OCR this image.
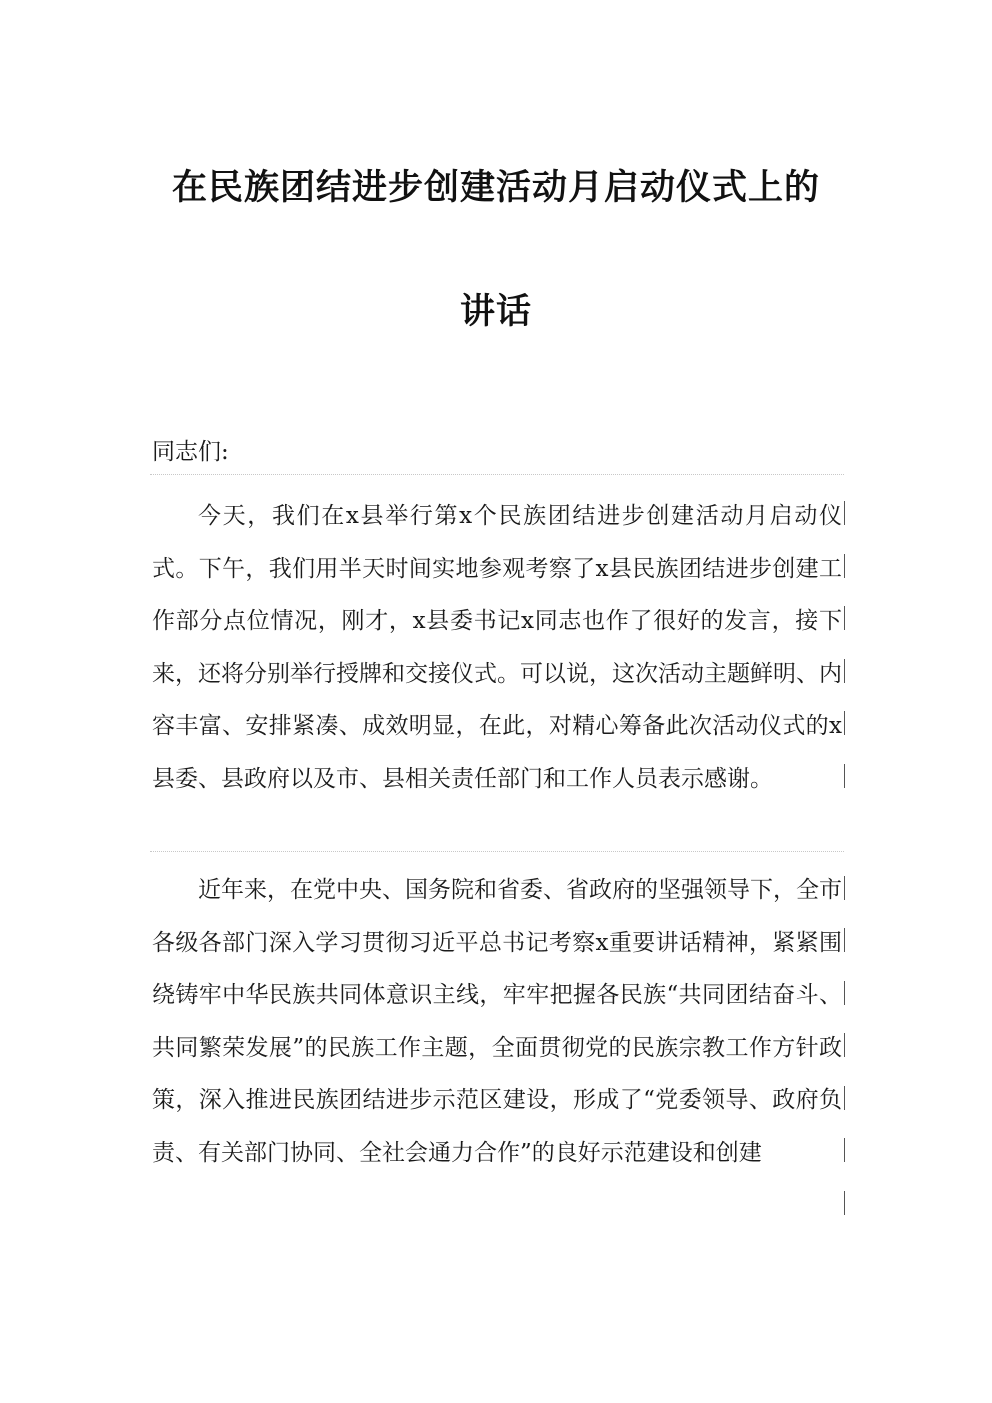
在民族团结进步创建活动月启动仪式上的
讲话
同志们:
今天，我们在x县举行第x个民族团结进步创建活动月启动仪式。下午，我们用半天时间实地参观考察了x县民族团结进步创建工作部分点位情况，刚才，x县委书记x同志也作了很好的发言，接下来，还将分别举行授牌和交接仪式。可以说，这次活动主题鲜明、内容丰富、安排紧凑、成效明显，在此，对精心筹备此次活动仪式的x县委、县政府以及市、县相关责任部门和工作人员表示感谢。
近年来，在党中央、国务院和省委、省政府的坚强领导下，全市各级各部门深入学习贯彻习近平总书记考察x重要讲话精神，紧紧围绕铸牢中华民族共同体意识主线，牢牢把握各民族“共同团结奋斗、共同繁荣发展”的民族工作主题，全面贯彻党的民族宗教工作方针政策，深入推进民族团结进步示范区建设，形成了“党委领导、政府负责、有关部门协同、全社会通力合作”的良好示范建设和创建
